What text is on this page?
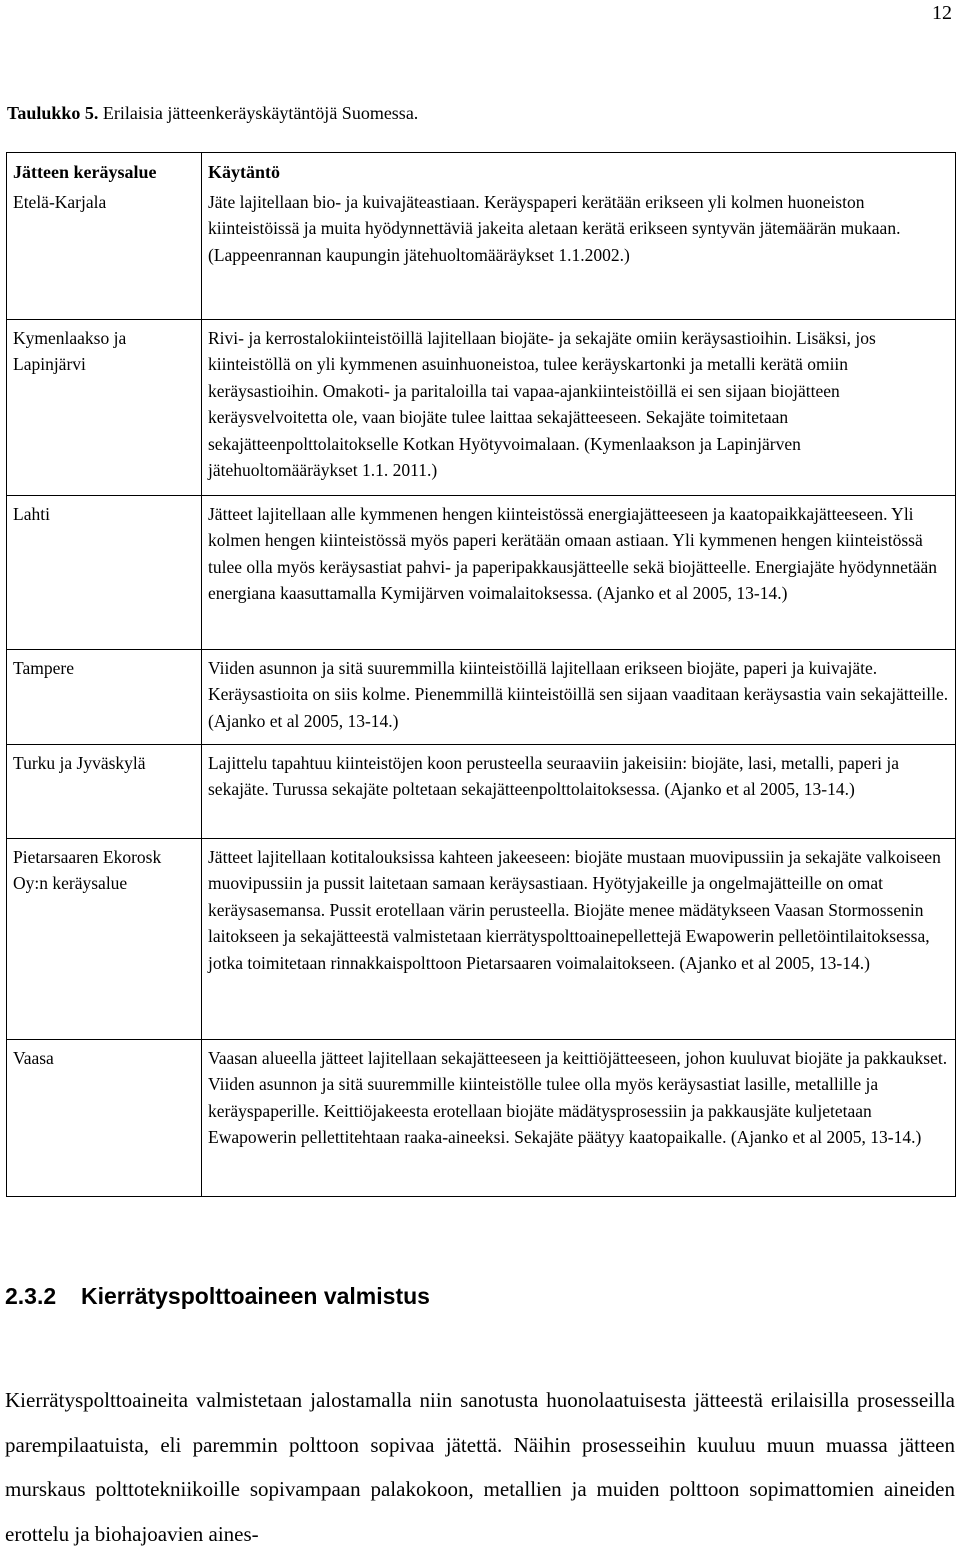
12
Taulukko 5. Erilaisia jätteenkeräyskäytäntöjä Suomessa.
Jätteen keräysalue	Käytäntö
Etelä-Karjala	Jäte lajitellaan bio- ja kuivajäteastiaan. Keräyspaperi kerätään erikseen yli kolmen huoneiston kiinteistöissä ja muita hyödynnettäviä jakeita aletaan kerätä erikseen syntyvän jätemäärän mukaan. (Lappeenrannan kaupungin jätehuoltomääräykset 1.1.2002.)
Kymenlaakso ja Lapinjärvi	Rivi- ja kerrostalokiinteistöillä lajitellaan biojäte- ja sekajäte omiin keräysastioihin. Lisäksi, jos kiinteistöllä on yli kymmenen asuinhuoneistoa, tulee keräyskartonki ja metalli kerätä omiin keräysastioihin. Omakoti- ja paritaloilla tai vapaa-ajankiinteistöillä ei sen sijaan biojätteen keräysvelvoitetta ole, vaan biojäte tulee laittaa sekajätteeseen. Sekajäte toimitetaan sekajätteenpolttolaitokselle Kotkan Hyötyvoimalaan. (Kymenlaakson ja Lapinjärven jätehuoltomääräykset 1.1. 2011.)
Lahti	Jätteet lajitellaan alle kymmenen hengen kiinteistössä energiajätteeseen ja kaatopaikkajätteeseen. Yli kolmen hengen kiinteistössä myös paperi kerätään omaan astiaan. Yli kymmenen hengen kiinteistössä tulee olla myös keräysastiat pahvi- ja paperipakkausjätteelle sekä biojätteelle. Energiajäte hyödynnetään energiana kaasuttamalla Kymijärven voimalaitoksessa. (Ajanko et al 2005, 13-14.)
Tampere	Viiden asunnon ja sitä suuremmilla kiinteistöillä lajitellaan erikseen biojäte, paperi ja kuivajäte. Keräysastioita on siis kolme. Pienemmillä kiinteistöillä sen sijaan vaaditaan keräysastia vain sekajätteille. (Ajanko et al 2005, 13-14.)
Turku ja Jyväskylä	Lajittelu tapahtuu kiinteistöjen koon perusteella seuraaviin jakeisiin: biojäte, lasi, metalli, paperi ja sekajäte. Turussa sekajäte poltetaan sekajätteenpolttolaitoksessa. (Ajanko et al 2005, 13-14.)
Pietarsaaren Ekorosk Oy:n keräysalue	Jätteet lajitellaan kotitalouksissa kahteen jakeeseen: biojäte mustaan muovipussiin ja sekajäte valkoiseen muovipussiin ja pussit laitetaan samaan keräysastiaan. Hyötyjakeille ja ongelmajätteille on omat keräysasemansa. Pussit erotellaan värin perusteella. Biojäte menee mädätykseen Vaasan Stormossenin laitokseen ja sekajätteestä valmistetaan kierrätyspolttoainepellettejä Ewapowerin pelletöintilaitoksessa, jotka toimitetaan rinnakkaispolttoon Pietarsaaren voimalaitokseen. (Ajanko et al 2005, 13-14.)
Vaasa	Vaasan alueella jätteet lajitellaan sekajätteeseen ja keittiöjätteeseen, johon kuuluvat biojäte ja pakkaukset. Viiden asunnon ja sitä suuremmille kiinteistölle tulee olla myös keräysastiat lasille, metallille ja keräyspaperille. Keittiöjakeesta erotellaan biojäte mädätysprosessiin ja pakkausjäte kuljetetaan Ewapowerin pellettitehtaan raaka-aineeksi. Sekajäte päätyy kaatopaikalle. (Ajanko et al 2005, 13-14.)
2.3.2 Kierrätyspolttoaineen valmistus
Kierrätyspolttoaineita valmistetaan jalostamalla niin sanotusta huonolaatuisesta jätteestä erilaisilla prosesseilla parempilaatuista, eli paremmin polttoon sopivaa jätettä. Näihin prosesseihin kuuluu muun muassa jätteen murskaus polttotekniikoille sopivampaan palakokoon, metallien ja muiden polttoon sopimattomien aineiden erottelu ja biohajoavien aines-
